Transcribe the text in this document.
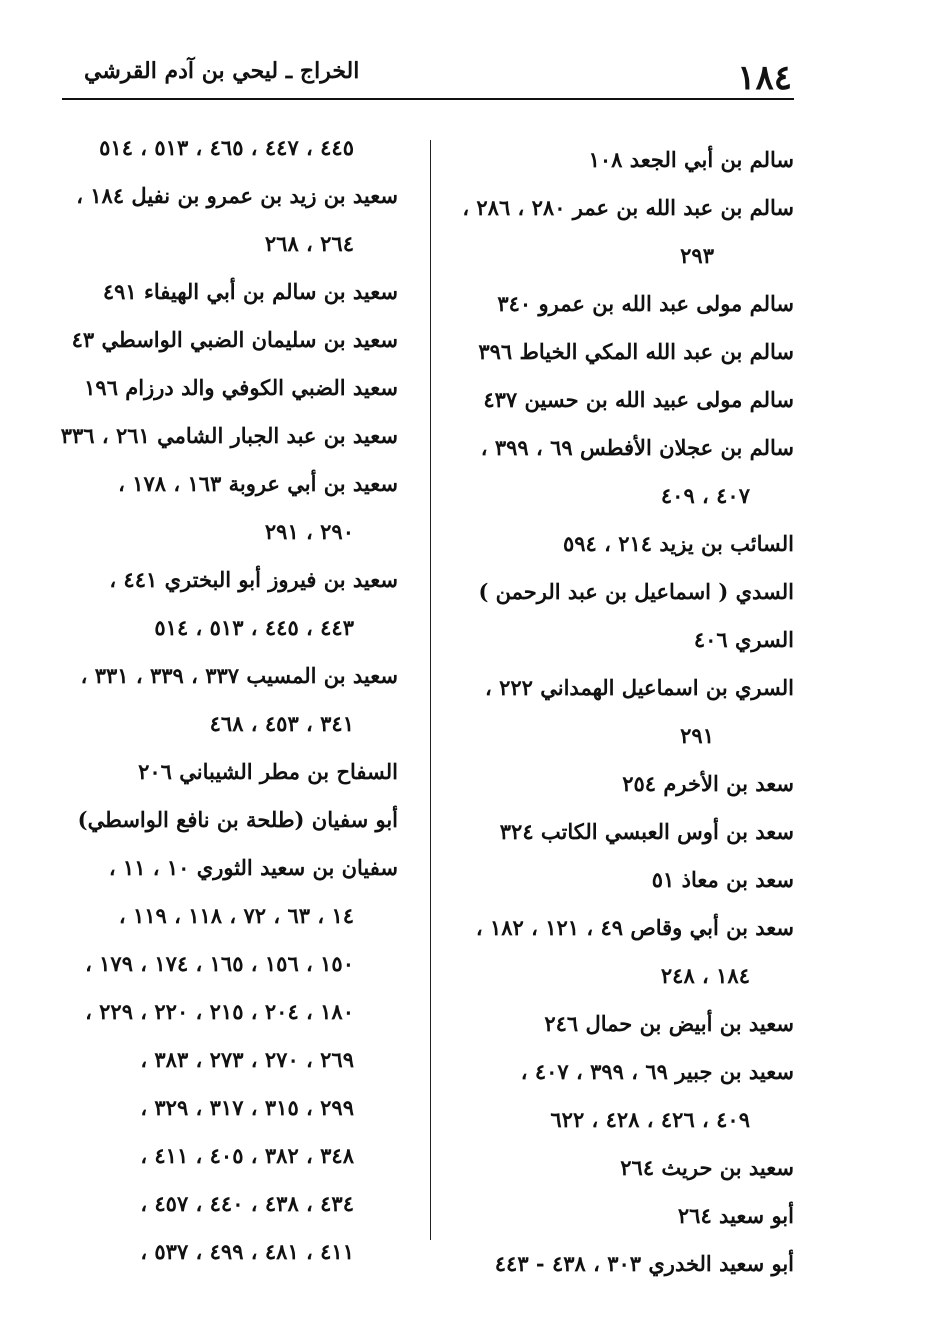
١٨٤
الخراج ـ ليحي بن آدم القرشي
سالم بن أبي الجعد ١٠٨
سالم بن عبد الله بن عمر ٢٨٠ ، ٢٨٦ ،
٢٩٣
سالم مولى عبد الله بن عمرو ٣٤٠
سالم بن عبد الله المكي الخياط ٣٩٦
سالم مولى عبيد الله بن حسين ٤٣٧
سالم بن عجلان الأفطس ٦٩ ، ٣٩٩ ،
٤٠٧ ، ٤٠٩
السائب بن يزيد ٢١٤ ، ٥٩٤
السدي ( اسماعيل بن عبد الرحمن )
السري ٤٠٦
السري بن اسماعيل الهمداني ٢٢٢ ،
٢٩١
سعد بن الأخرم ٢٥٤
سعد بن أوس العبسي الكاتب ٣٢٤
سعد بن معاذ ٥١
سعد بن أبي وقاص ٤٩ ، ١٢١ ، ١٨٢ ،
١٨٤ ، ٢٤٨
سعيد بن أبيض بن حمال ٢٤٦
سعيد بن جبير ٦٩ ، ٣٩٩ ، ٤٠٧ ،
٤٠٩ ، ٤٢٦ ، ٤٢٨ ، ٦٢٢
سعيد بن حريث ٢٦٤
أبو سعيد ٢٦٤
أبو سعيد الخدري ٣٠٣ ، ٤٣٨ - ٤٤٣
٤٤٥ ، ٤٤٧ ، ٤٦٥ ، ٥١٣ ، ٥١٤
سعيد بن زيد بن عمرو بن نفيل ١٨٤ ،
٢٦٤ ، ٢٦٨
سعيد بن سالم بن أبي الهيفاء ٤٩١
سعيد بن سليمان الضبي الواسطي ٤٣
سعيد الضبي الكوفي والد درزام ١٩٦
سعيد بن عبد الجبار الشامي ٢٦١ ، ٣٣٦
سعيد بن أبي عروبة ١٦٣ ، ١٧٨ ،
٢٩٠ ، ٢٩١
سعيد بن فيروز أبو البختري ٤٤١ ،
٤٤٣ ، ٤٤٥ ، ٥١٣ ، ٥١٤
سعيد بن المسيب ٣٣٧ ، ٣٣٩ ، ٣٣١ ،
٣٤١ ، ٤٥٣ ، ٤٦٨
السفاح بن مطر الشيباني ٢٠٦
أبو سفيان (طلحة بن نافع الواسطي)
سفيان بن سعيد الثوري ١٠ ، ١١ ،
١٤ ، ٦٣ ، ٧٢ ، ١١٨ ، ١١٩ ،
١٥٠ ، ١٥٦ ، ١٦٥ ، ١٧٤ ، ١٧٩ ،
١٨٠ ، ٢٠٤ ، ٢١٥ ، ٢٢٠ ، ٢٢٩ ،
٢٦٩ ، ٢٧٠ ، ٢٧٣ ، ٣٨٣ ،
٢٩٩ ، ٣١٥ ، ٣١٧ ، ٣٢٩ ،
٣٤٨ ، ٣٨٢ ، ٤٠٥ ، ٤١١ ،
٤٣٤ ، ٤٣٨ ، ٤٤٠ ، ٤٥٧ ،
٤١١ ، ٤٨١ ، ٤٩٩ ، ٥٣٧ ،
